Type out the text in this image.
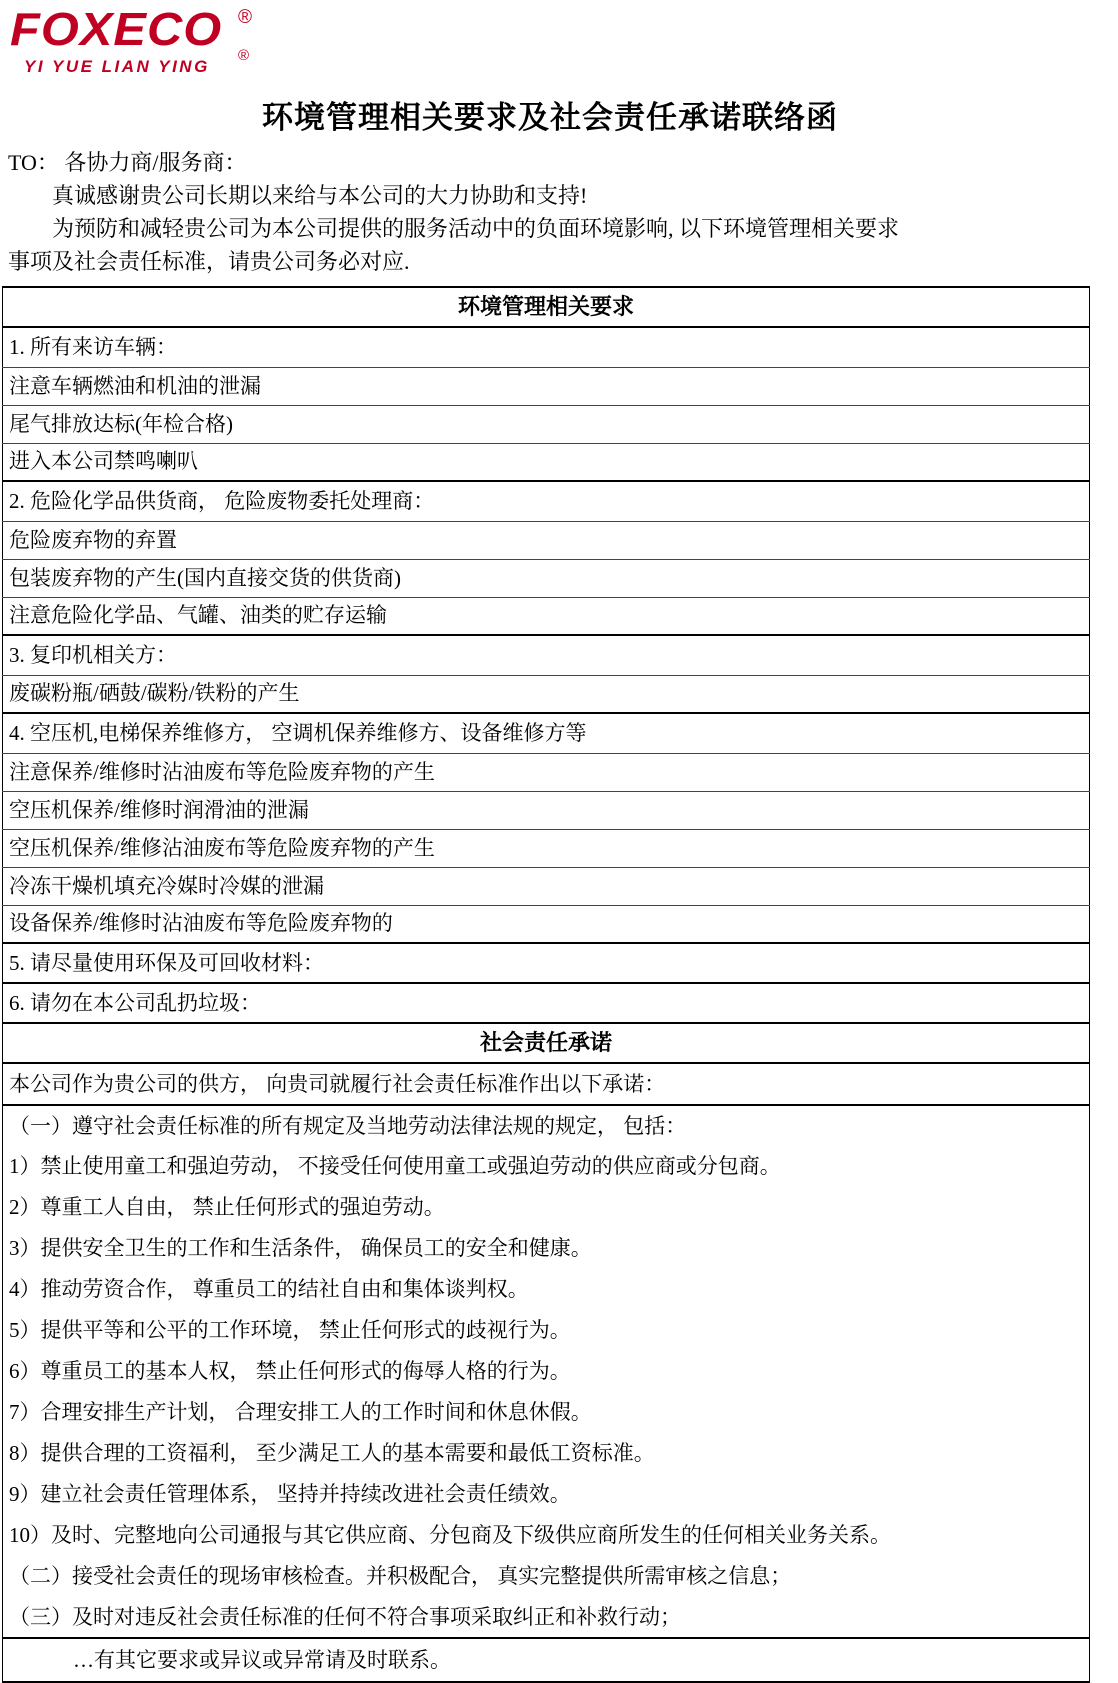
FOXECO ®
YI YUE LIAN YING
®
环境管理相关要求及社会责任承诺联络函
TO： 各协力商/服务商：
真诚感谢贵公司长期以来给与本公司的大力协助和支持!
为预防和减轻贵公司为本公司提供的服务活动中的负面环境影响, 以下环境管理相关要求
事项及社会责任标准，请贵公司务必对应.
环境管理相关要求
1. 所有来访车辆：
注意车辆燃油和机油的泄漏
尾气排放达标(年检合格)
进入本公司禁鸣喇叭
2. 危险化学品供货商， 危险废物委托处理商：
危险废弃物的弃置
包装废弃物的产生(国内直接交货的供货商)
注意危险化学品、气罐、油类的贮存运输
3. 复印机相关方：
废碳粉瓶/硒鼓/碳粉/铁粉的产生
4. 空压机,电梯保养维修方， 空调机保养维修方、设备维修方等
注意保养/维修时沾油废布等危险废弃物的产生
空压机保养/维修时润滑油的泄漏
空压机保养/维修沾油废布等危险废弃物的产生
冷冻干燥机填充冷媒时冷媒的泄漏
设备保养/维修时沾油废布等危险废弃物的
5. 请尽量使用环保及可回收材料：
6. 请勿在本公司乱扔垃圾：
社会责任承诺
本公司作为贵公司的供方， 向贵司就履行社会责任标准作出以下承诺：
（一）遵守社会责任标准的所有规定及当地劳动法律法规的规定， 包括：
1）禁止使用童工和强迫劳动， 不接受任何使用童工或强迫劳动的供应商或分包商。
2）尊重工人自由， 禁止任何形式的强迫劳动。
3）提供安全卫生的工作和生活条件， 确保员工的安全和健康。
4）推动劳资合作， 尊重员工的结社自由和集体谈判权。
5）提供平等和公平的工作环境， 禁止任何形式的歧视行为。
6）尊重员工的基本人权， 禁止任何形式的侮辱人格的行为。
7）合理安排生产计划， 合理安排工人的工作时间和休息休假。
8）提供合理的工资福利， 至少满足工人的基本需要和最低工资标准。
9）建立社会责任管理体系， 坚持并持续改进社会责任绩效。
10）及时、完整地向公司通报与其它供应商、分包商及下级供应商所发生的任何相关业务关系。
（二）接受社会责任的现场审核检查。并积极配合， 真实完整提供所需审核之信息；
（三）及时对违反社会责任标准的任何不符合事项采取纠正和补救行动；
…有其它要求或异议或异常请及时联系。
